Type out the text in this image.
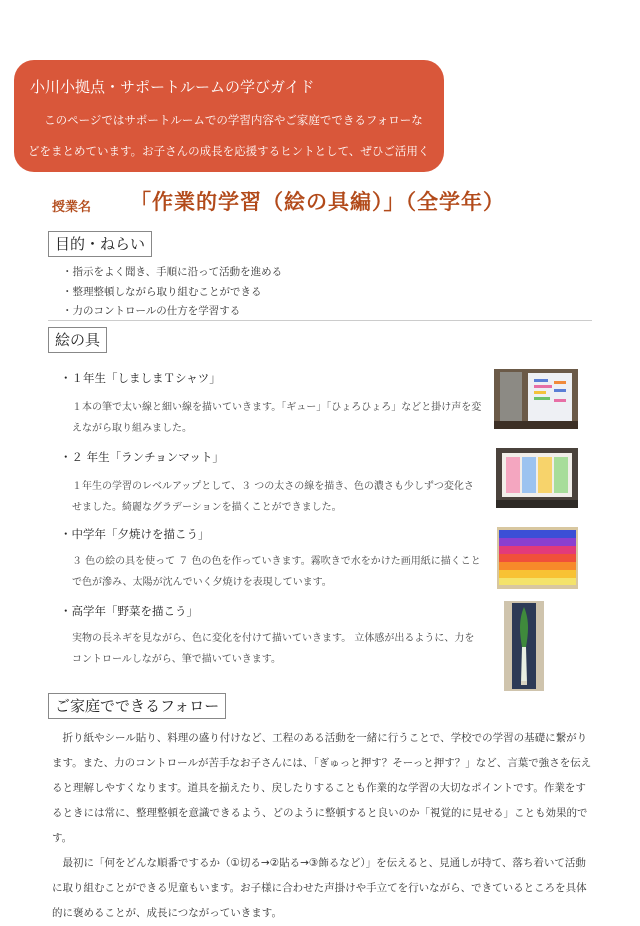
小川小拠点・サポートルームの学びガイド
このページではサポートルームでの学習内容やご家庭でできるフォローなどをまとめています。お子さんの成長を応援するヒントとして、ぜひご活用ください。
授業名 「作業的学習（絵の具編）」（全学年）
目的・ねらい
・指示をよく聞き、手順に沿って活動を進める
・整理整頓しながら取り組むことができる
・力のコントロールの仕方を学習する
絵の具
・１年生「しましまＴシャツ」
１本の筆で太い線と細い線を描いていきます。「ギュー」「ひょろひょろ」などと掛け声を変えながら取り組みました。
・２ 年生「ランチョンマット」
１年生の学習のレベルアップとして、３ つの太さの線を描き、色の濃さも少しずつ変化させました。綺麗なグラデーションを描くことができました。
・中学年「夕焼けを描こう」
３ 色の絵の具を使って ７ 色の色を作っていきます。霧吹きで水をかけた画用紙に描くことで色が滲み、太陽が沈んでいく夕焼けを表現しています。
・高学年「野菜を描こう」
実物の長ネギを見ながら、色に変化を付けて描いていきます。 立体感が出るように、力をコントロールしながら、筆で描いていきます。
ご家庭でできるフォロー

折り紙やシール貼り、料理の盛り付けなど、工程のある活動を一緒に行うことで、学校での学習の基礎に繋がります。また、力のコントロールが苦手なお子さんには、「ぎゅっと押す？そーっと押す？」など、言葉で強さを伝えると理解しやすくなります。道具を揃えたり、戻したりすることも作業的な学習の大切なポイントです。作業をするときには常に、整理整頓を意識できるよう、どのように整頓すると良いのか「視覚的に見せる」ことも効果的です。

最初に「何をどんな順番でするか（①切る→②貼る→③飾るなど）」を伝えると、見通しが持て、落ち着いて活動に取り組むことができる児童もいます。お子様に合わせた声掛けや手立てを行いながら、できているところを具体的に褒めることが、成長につながっていきます。
